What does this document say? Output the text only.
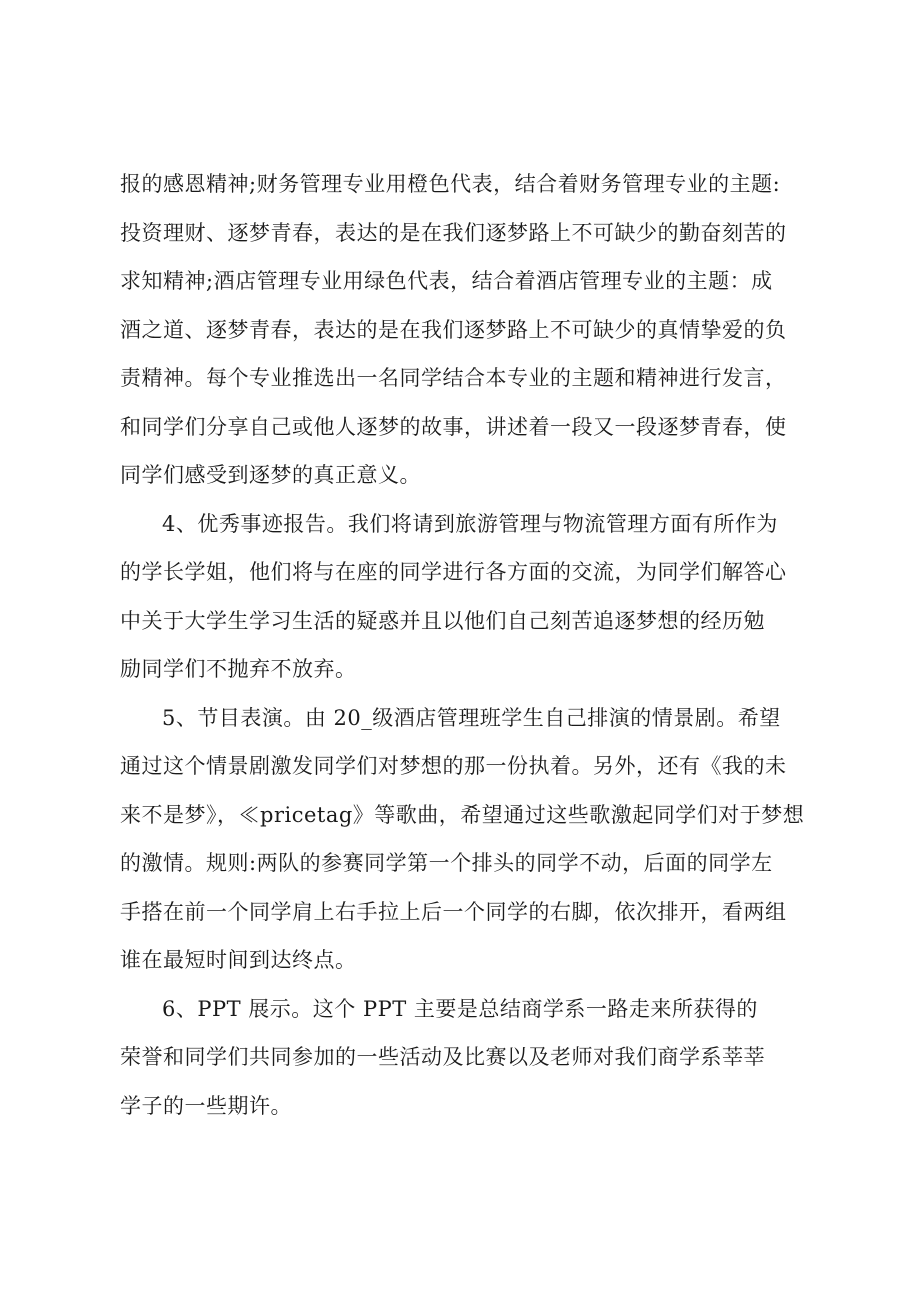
报的感恩精神;财务管理专业用橙色代表，结合着财务管理专业的主题:
投资理财、逐梦青春，表达的是在我们逐梦路上不可缺少的勤奋刻苦的
求知精神;酒店管理专业用绿色代表，结合着酒店管理专业的主题：成
酒之道、逐梦青春，表达的是在我们逐梦路上不可缺少的真情挚爱的负
责精神。每个专业推选出一名同学结合本专业的主题和精神进行发言，
和同学们分享自己或他人逐梦的故事，讲述着一段又一段逐梦青春，使
同学们感受到逐梦的真正意义。
4、优秀事迹报告。我们将请到旅游管理与物流管理方面有所作为
的学长学姐，他们将与在座的同学进行各方面的交流，为同学们解答心
中关于大学生学习生活的疑惑并且以他们自己刻苦追逐梦想的经历勉
励同学们不抛弃不放弃。
5、节目表演。由 20_级酒店管理班学生自己排演的情景剧。希望
通过这个情景剧激发同学们对梦想的那一份执着。另外，还有《我的未
来不是梦》，≪pricetag》等歌曲，希望通过这些歌激起同学们对于梦想
的激情。规则:两队的参赛同学第一个排头的同学不动，后面的同学左
手搭在前一个同学肩上右手拉上后一个同学的右脚，依次排开，看两组
谁在最短时间到达终点。
6、PPT 展示。这个 PPT 主要是总结商学系一路走来所获得的
荣誉和同学们共同参加的一些活动及比赛以及老师对我们商学系莘莘
学子的一些期许。
